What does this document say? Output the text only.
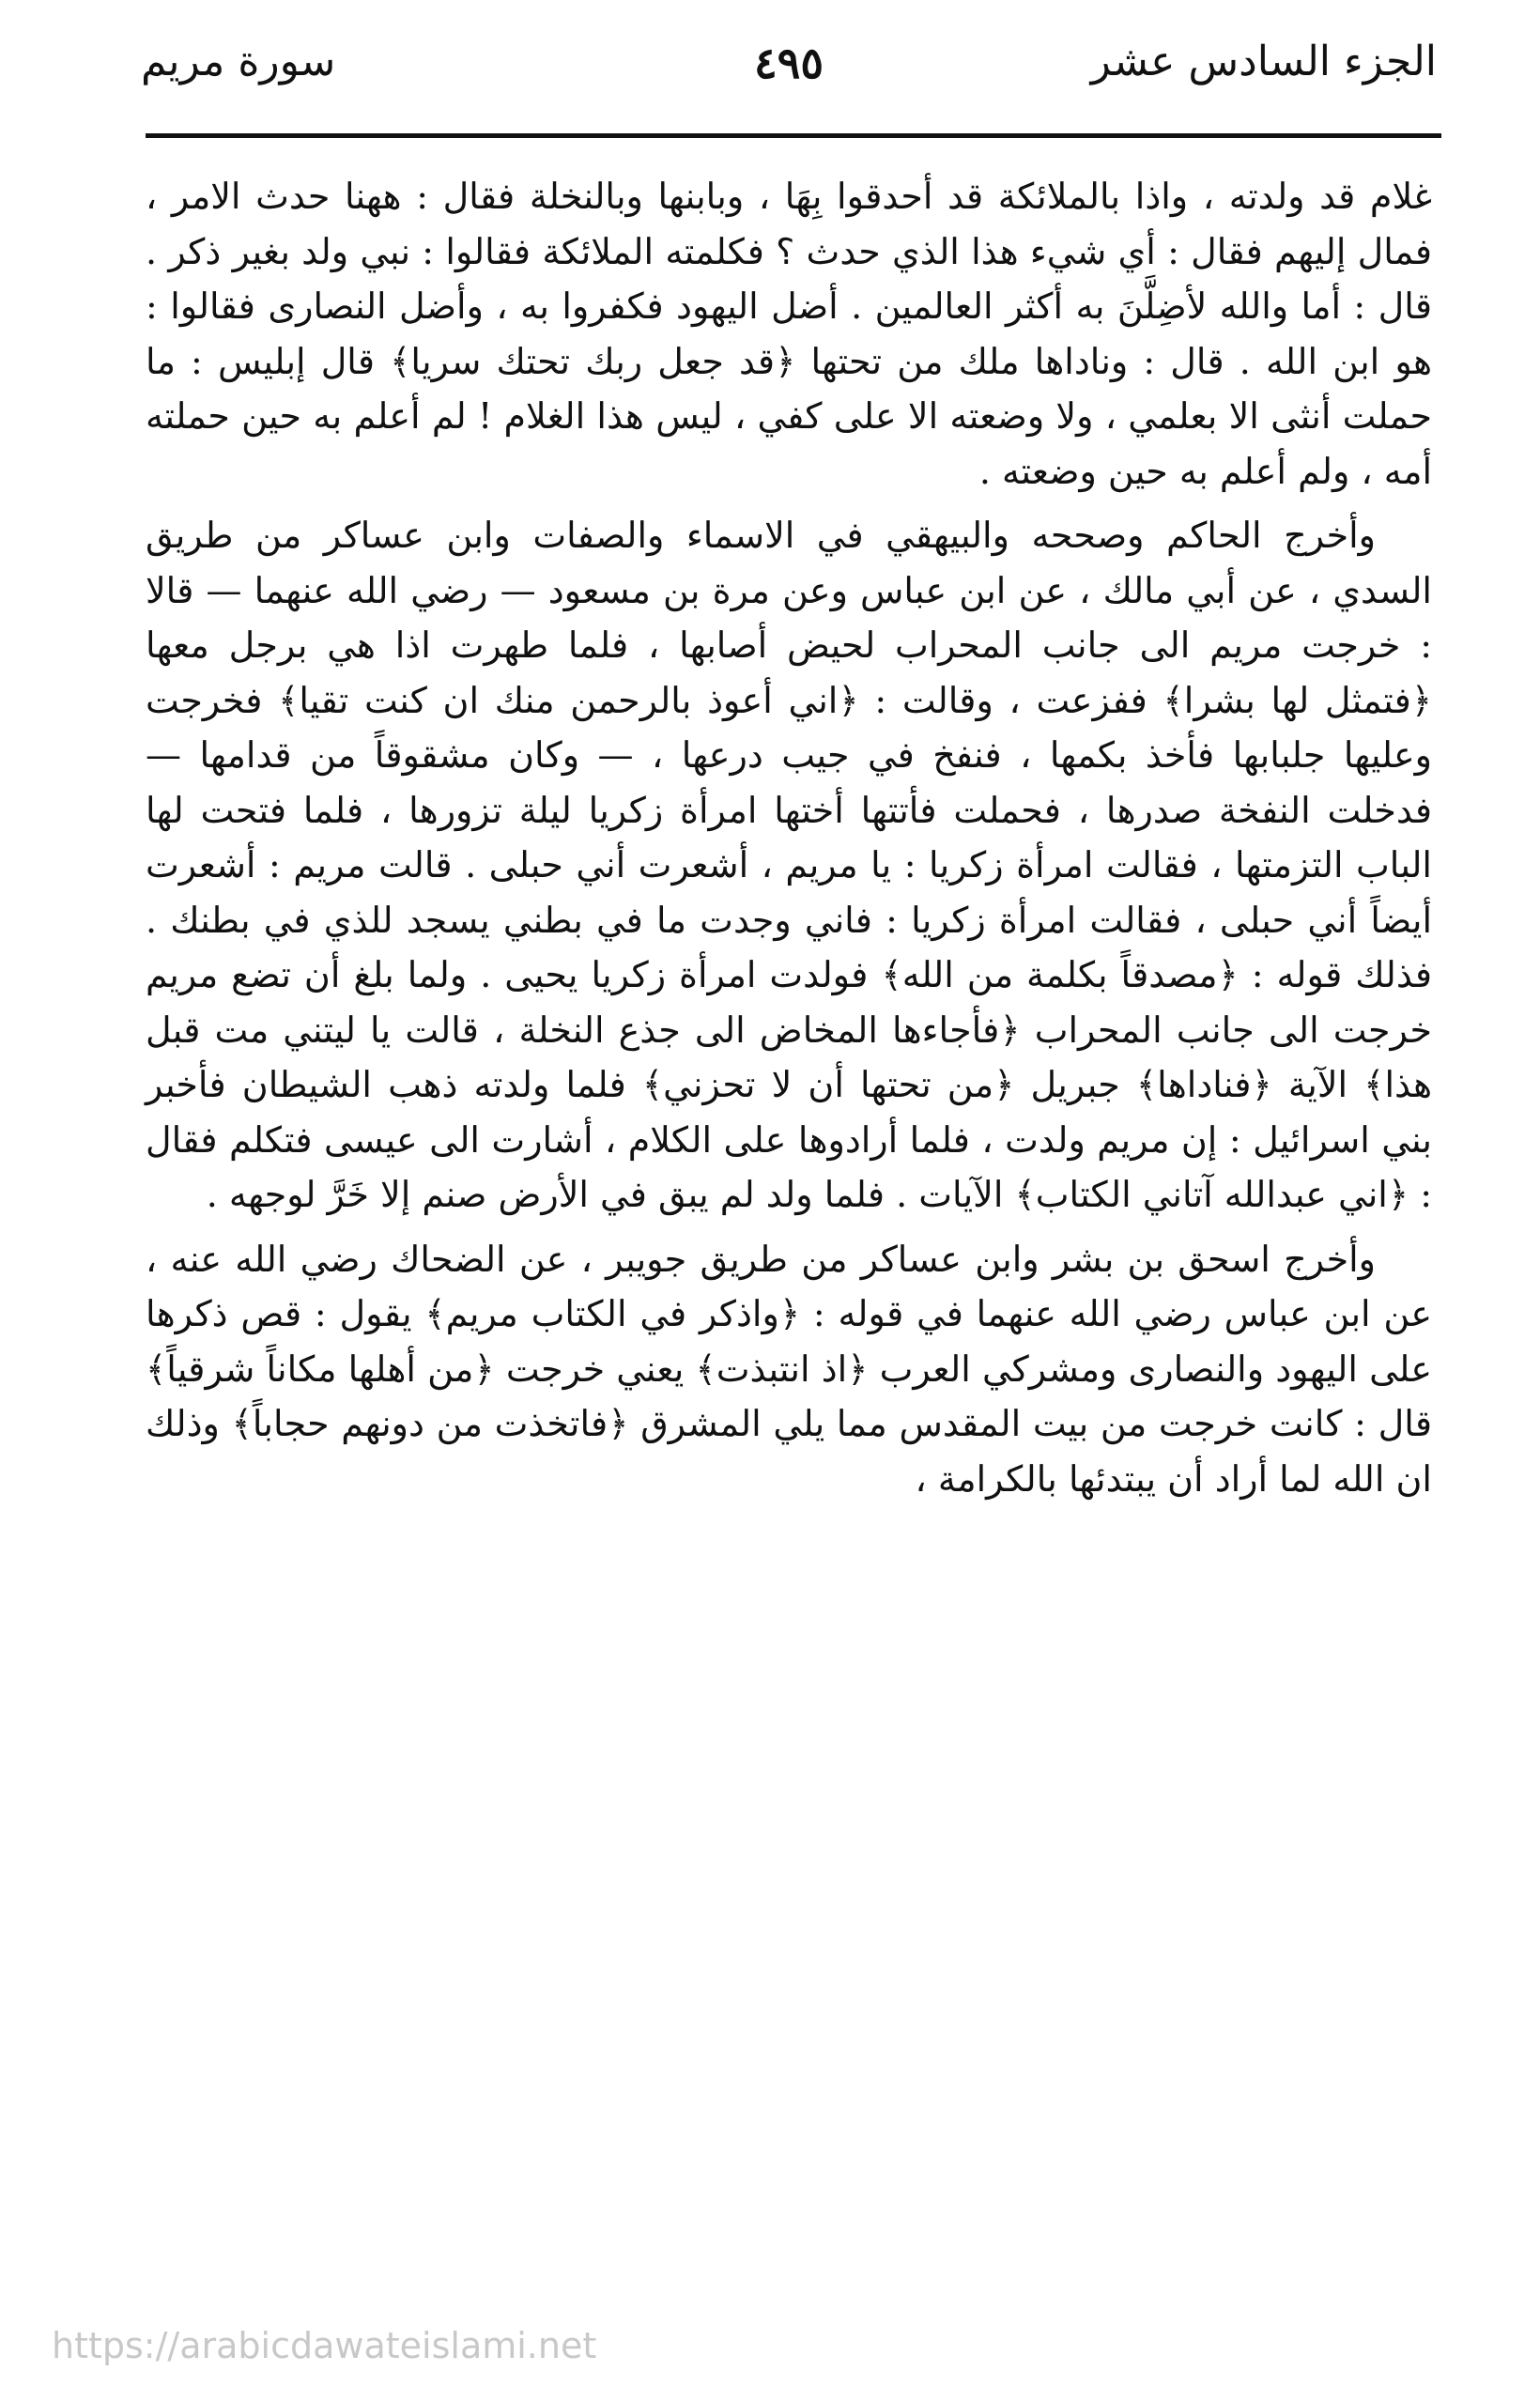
الجزء السادس عشر
٤٩٥
سورة مريم

غلام قد ولدته ، واذا بالملائكة قد أحدقوا بِهَا ، وبابنها وبالنخلة فقال : ههنا حدث الامر ، فمال إليهم فقال : أي شيء هذا الذي حدث ؟ فكلمته الملائكة فقالوا : نبي ولد بغير ذكر . قال : أما والله لأضِلَّنَ به أكثر العالمين . أضل اليهود فكفروا به ، وأضل النصارى فقالوا : هو ابن الله . قال : وناداها ملك من تحتها ﴿قد جعل ربك تحتك سريا﴾ قال إبليس : ما حملت أنثى الا بعلمي ، ولا وضعته الا على كفي ، ليس هذا الغلام ! لم أعلم به حين حملته أمه ، ولم أعلم به حين وضعته .

وأخرج الحاكم وصححه والبيهقي في الاسماء والصفات وابن عساكر من طريق السدي ، عن أبي مالك ، عن ابن عباس وعن مرة بن مسعود — رضي الله عنهما — قالا : خرجت مريم الى جانب المحراب لحيض أصابها ، فلما طهرت اذا هي برجل معها ﴿فتمثل لها بشرا﴾ ففزعت ، وقالت : ﴿اني أعوذ بالرحمن منك ان كنت تقيا﴾ فخرجت وعليها جلبابها فأخذ بكمها ، فنفخ في جيب درعها ، — وكان مشقوقاً من قدامها — فدخلت النفخة صدرها ، فحملت فأتتها أختها امرأة زكريا ليلة تزورها ، فلما فتحت لها الباب التزمتها ، فقالت امرأة زكريا : يا مريم ، أشعرت أني حبلى . قالت مريم : أشعرت أيضاً أني حبلى ، فقالت امرأة زكريا : فاني وجدت ما في بطني يسجد للذي في بطنك . فذلك قوله : ﴿مصدقاً بكلمة من الله﴾ فولدت امرأة زكريا يحيى . ولما بلغ أن تضع مريم خرجت الى جانب المحراب ﴿فأجاءها المخاض الى جذع النخلة ، قالت يا ليتني مت قبل هذا﴾ الآية ﴿فناداها﴾ جبريل ﴿من تحتها أن لا تحزني﴾ فلما ولدته ذهب الشيطان فأخبر بني اسرائيل : إن مريم ولدت ، فلما أرادوها على الكلام ، أشارت الى عيسى فتكلم فقال : ﴿اني عبدالله آتاني الكتاب﴾ الآيات . فلما ولد لم يبق في الأرض صنم إلا خَرَّ لوجهه .

وأخرج اسحق بن بشر وابن عساكر من طريق جويبر ، عن الضحاك رضي الله عنه ، عن ابن عباس رضي الله عنهما في قوله : ﴿واذكر في الكتاب مريم﴾ يقول : قص ذكرها على اليهود والنصارى ومشركي العرب ﴿اذ انتبذت﴾ يعني خرجت ﴿من أهلها مكاناً شرقياً﴾ قال : كانت خرجت من بيت المقدس مما يلي المشرق ﴿فاتخذت من دونهم حجاباً﴾ وذلك ان الله لما أراد أن يبتدئها بالكرامة ،

https://arabicdawateislami.net
